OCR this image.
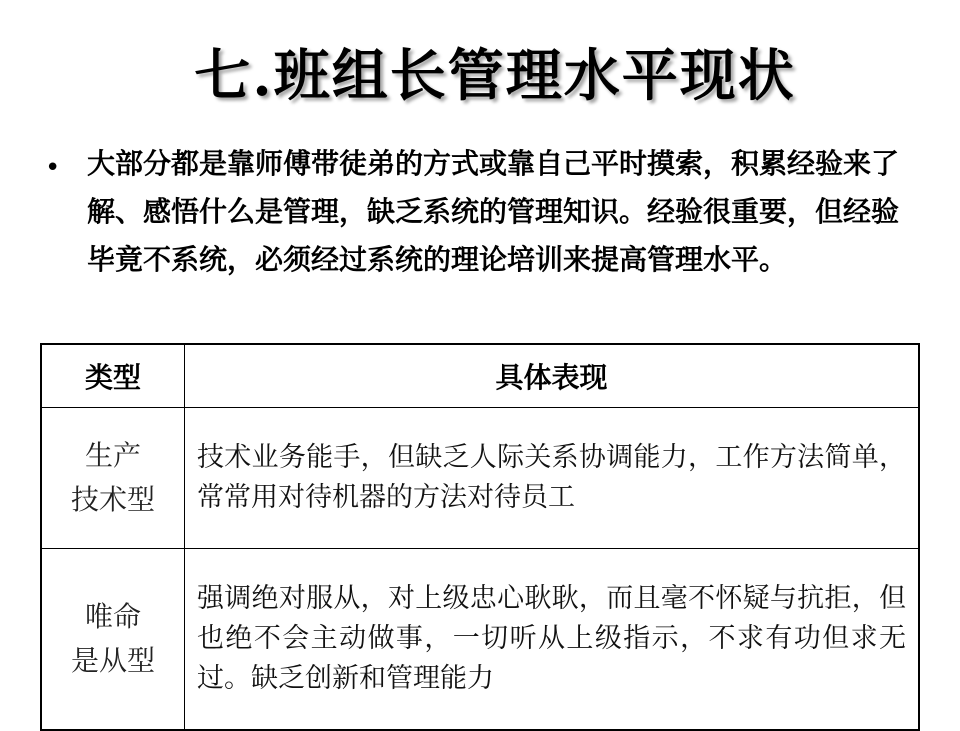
七.班组长管理水平现状
• 大部分都是靠师傅带徒弟的方式或靠自己平时摸索，积累经验来了解、感悟什么是管理，缺乏系统的管理知识。经验很重要，但经验毕竟不系统，必须经过系统的理论培训来提高管理水平。
类型	具体表现

生产
技术型	技术业务能手，但缺乏人际关系协调能力，工作方法简单，常常用对待机器的方法对待员工

唯命
是从型	强调绝对服从，对上级忠心耿耿，而且毫不怀疑与抗拒，但也绝不会主动做事，一切听从上级指示，不求有功但求无过。缺乏创新和管理能力
